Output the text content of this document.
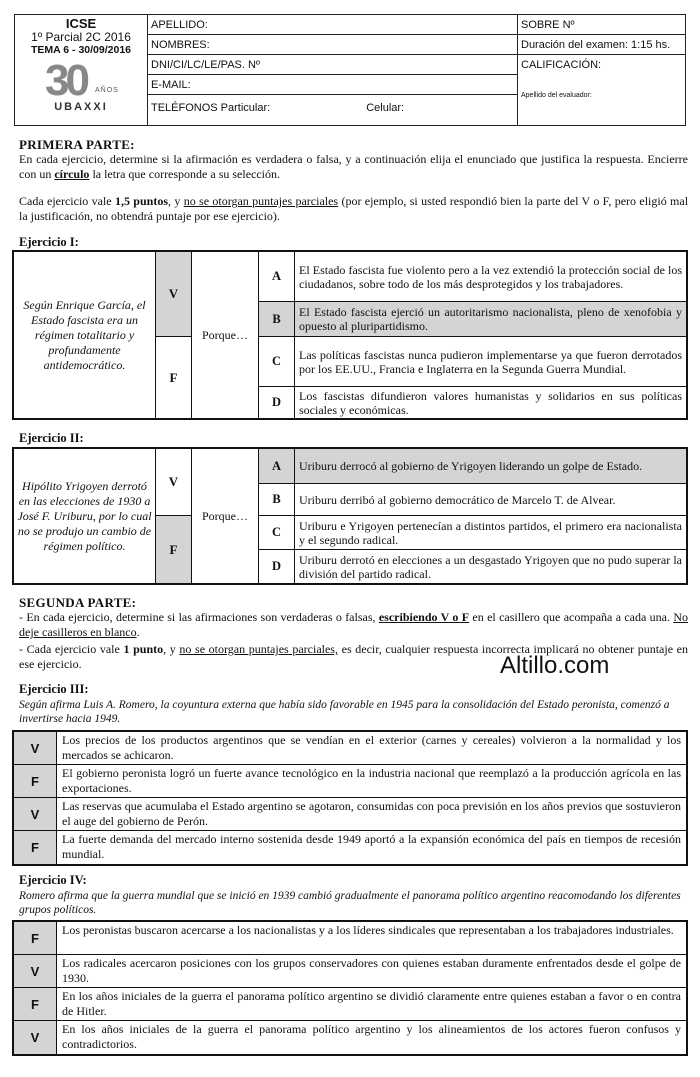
ICSE
1º Parcial 2C 2016
TEMA 6 - 30/09/2016
30 AÑOS
UBAXXI
APELLIDO:
NOMBRES:
DNI/CI/LC/LE/PAS. Nº
E-MAIL:
TELÉFONOS Particular:	Celular:
SOBRE Nº
Duración del examen: 1:15 hs.
CALIFICACIÓN:
Apellido del evaluador:
PRIMERA PARTE:
En cada ejercicio, determine si la afirmación es verdadera o falsa, y a continuación elija el enunciado que justifica la respuesta. Encierre con un círculo la letra que corresponde a su selección.
Cada ejercicio vale 1,5 puntos, y no se otorgan puntajes parciales (por ejemplo, si usted respondió bien la parte del V o F, pero eligió mal la justificación, no obtendrá puntaje por ese ejercicio).
Ejercicio I:
Según Enrique García, el Estado fascista era un régimen totalitario y profundamente antidemocrático.
V
F
Porque…
A	El Estado fascista fue violento pero a la vez extendió la protección social de los ciudadanos, sobre todo de los más desprotegidos y los trabajadores.
B	El Estado fascista ejerció un autoritarismo nacionalista, pleno de xenofobia y opuesto al pluripartidismo.
C	Las políticas fascistas nunca pudieron implementarse ya que fueron derrotados por los EE.UU., Francia e Inglaterra en la Segunda Guerra Mundial.
D	Los fascistas difundieron valores humanistas y solidarios en sus políticas sociales y económicas.
Ejercicio II:
Hipólito Yrigoyen derrotó en las elecciones de 1930 a José F. Uriburu, por lo cual no se produjo un cambio de régimen político.
V
F
Porque…
A	Uriburu derrocó al gobierno de Yrigoyen liderando un golpe de Estado.
B	Uriburu derribó al gobierno democrático de Marcelo T. de Alvear.
C	Uriburu e Yrigoyen pertenecían a distintos partidos, el primero era nacionalista y el segundo radical.
D	Uriburu derrotó en elecciones a un desgastado Yrigoyen que no pudo superar la división del partido radical.
SEGUNDA PARTE:
- En cada ejercicio, determine si las afirmaciones son verdaderas o falsas, escribiendo V o F en el casillero que acompaña a cada una. No deje casilleros en blanco.
- Cada ejercicio vale 1 punto, y no se otorgan puntajes parciales, es decir, cualquier respuesta incorrecta implicará no obtener puntaje en ese ejercicio.	Altillo.com
Ejercicio III:
Según afirma Luis A. Romero, la coyuntura externa que había sido favorable en 1945 para la consolidación del Estado peronista, comenzó a invertirse hacia 1949.
V
Los precios de los productos argentinos que se vendían en el exterior (carnes y cereales) volvieron a la normalidad y los mercados se achicaron.
F
El gobierno peronista logró un fuerte avance tecnológico en la industria nacional que reemplazó a la producción agrícola en las exportaciones.
V
Las reservas que acumulaba el Estado argentino se agotaron, consumidas con poca previsión en los años previos que sostuvieron el auge del gobierno de Perón.
F
La fuerte demanda del mercado interno sostenida desde 1949 aportó a la expansión económica del país en tiempos de recesión mundial.
Ejercicio IV:
Romero afirma que la guerra mundial que se inició en 1939 cambió gradualmente el panorama político argentino reacomodando los diferentes grupos políticos.
F
Los peronistas buscaron acercarse a los nacionalistas y a los líderes sindicales que representaban a los trabajadores industriales.
V
Los radicales acercaron posiciones con los grupos conservadores con quienes estaban duramente enfrentados desde el golpe de 1930.
F
En los años iniciales de la guerra el panorama político argentino se dividió claramente entre quienes estaban a favor o en contra de Hitler.
V
En los años iniciales de la guerra el panorama político argentino y los alineamientos de los actores fueron confusos y contradictorios.
